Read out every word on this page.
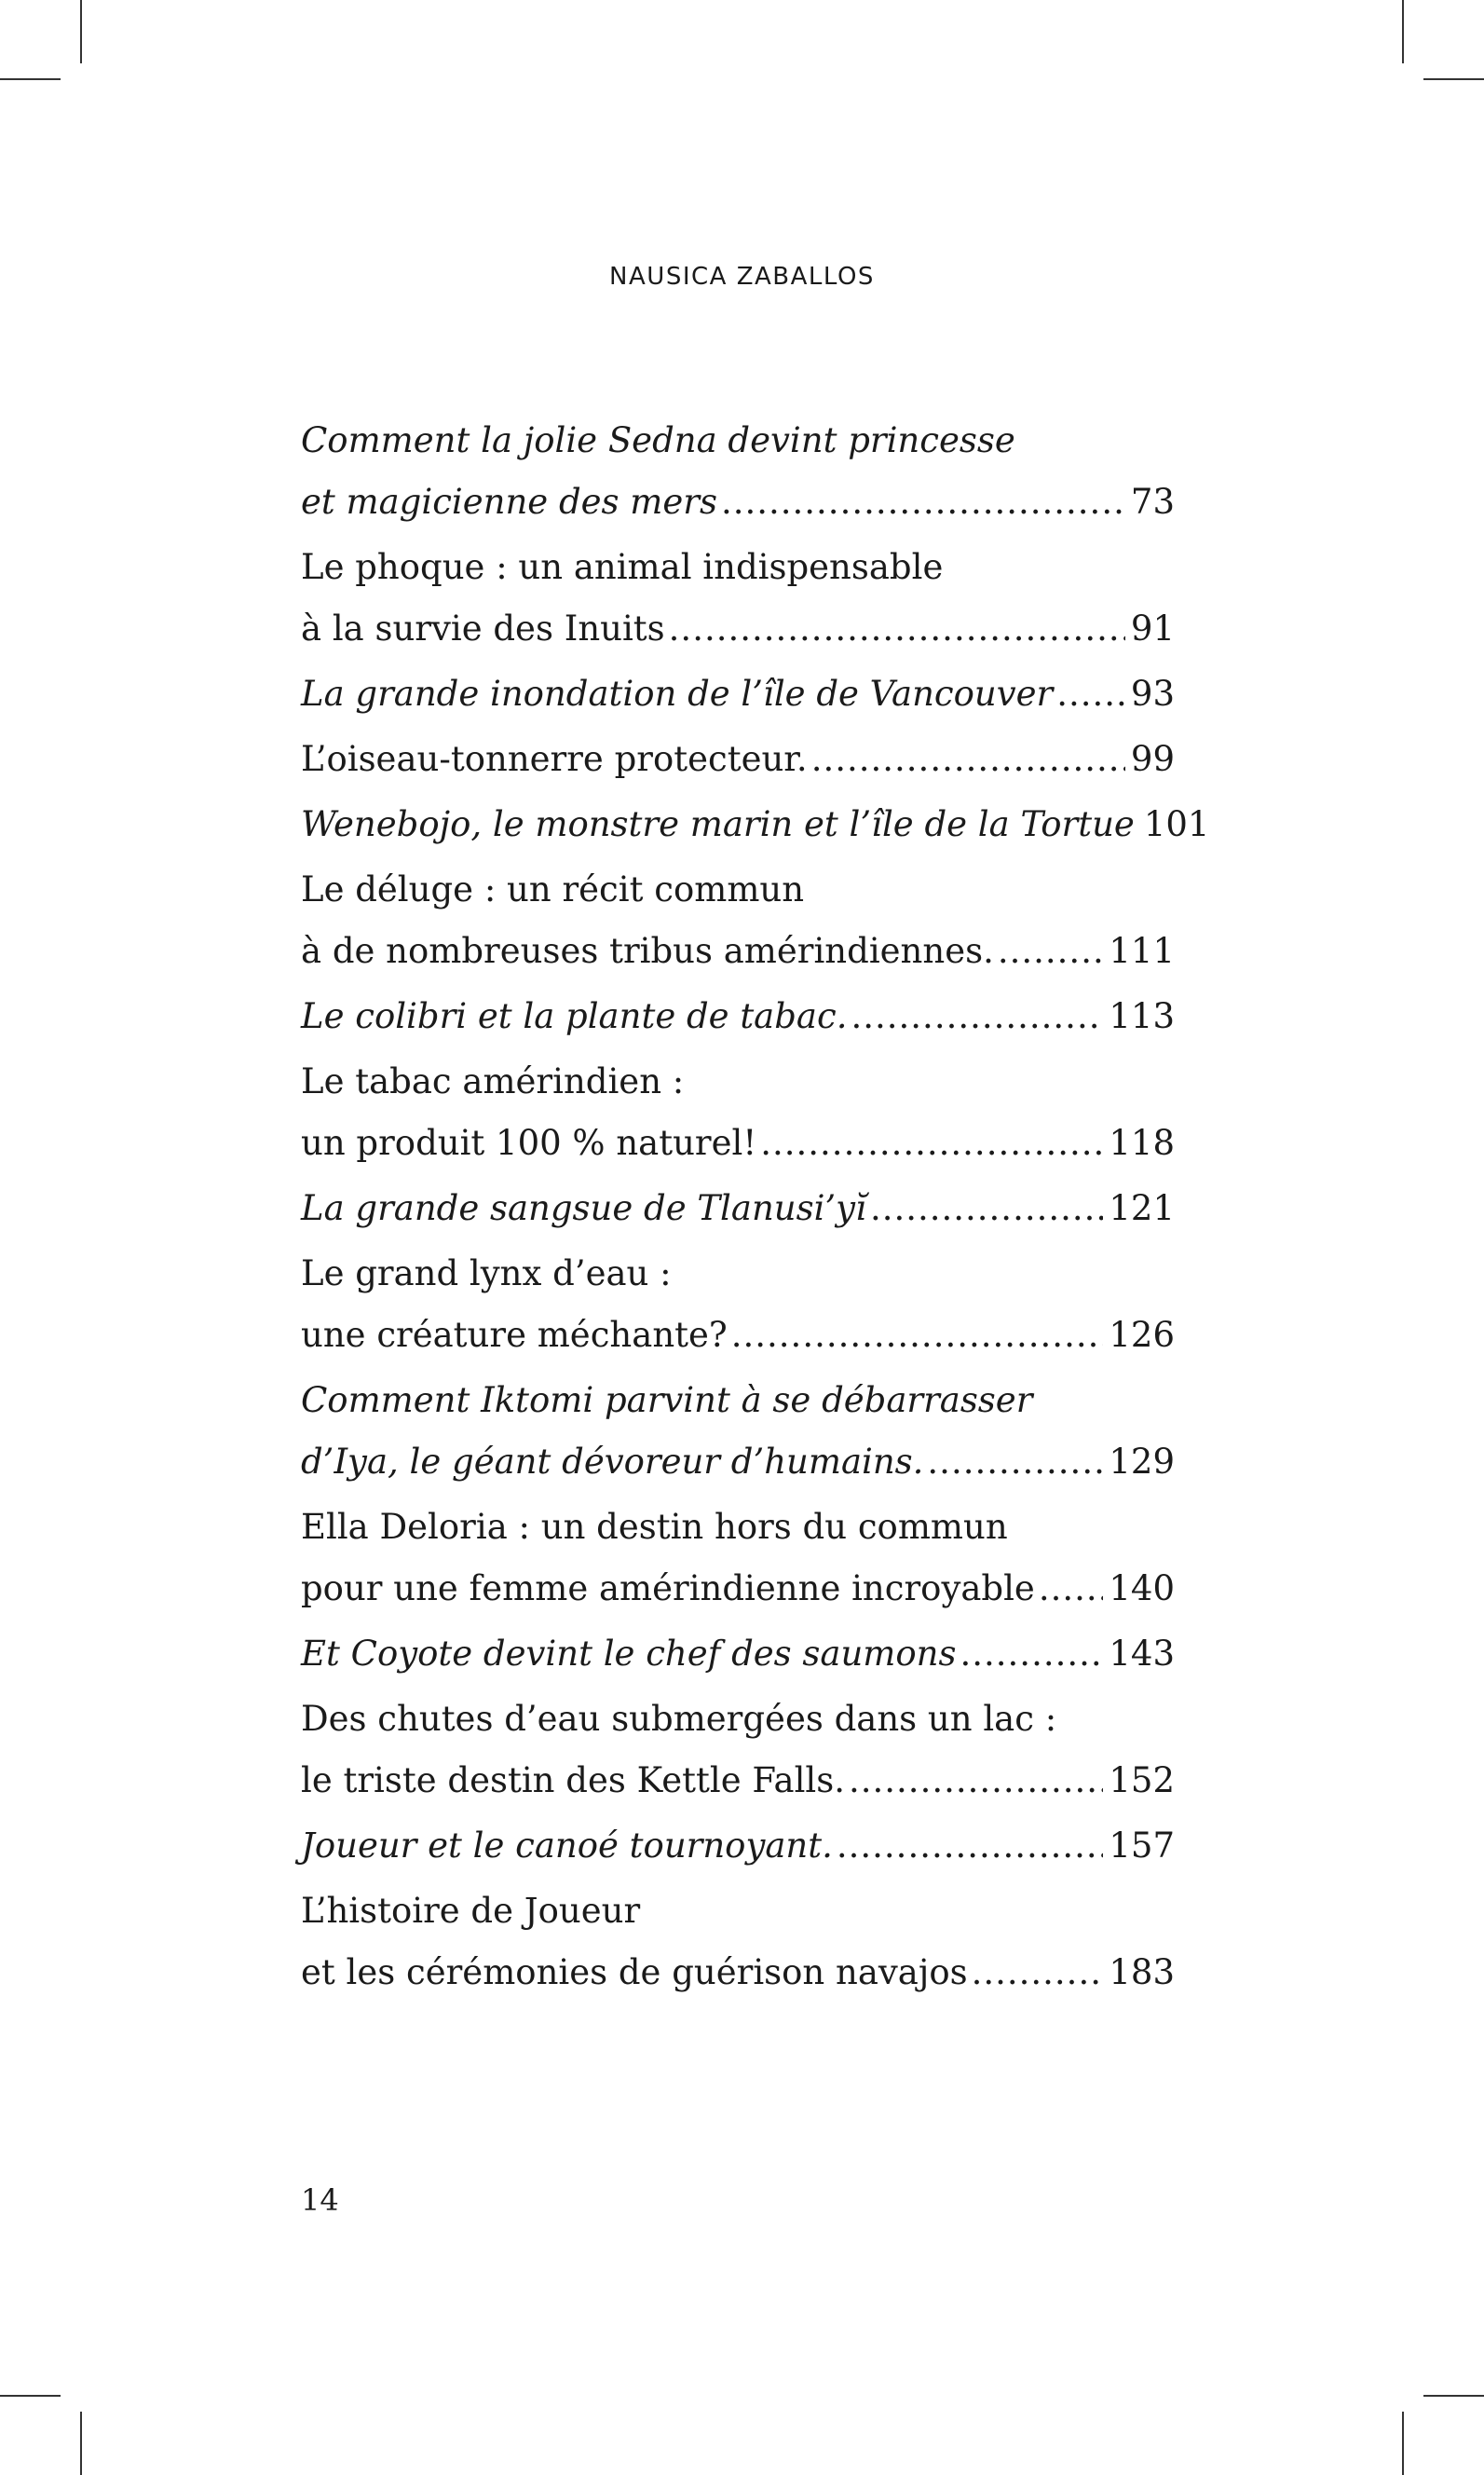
NAUSICA ZABALLOS
Comment la jolie Sedna devint princesse
et magicienne des mers .....	73
Le phoque : un animal indispensable
à la survie des Inuits .....	91
La grande inondation de l’île de Vancouver ..... 93
L’oiseau-tonnerre protecteur. .....	99
Wenebojo, le monstre marin et l’île de la Tortue 101
Le déluge : un récit commun
à de nombreuses tribus amérindiennes. .....	111
Le colibri et la plante de tabac. .....	113
Le tabac amérindien :
un produit 100 % naturel! .....	118
La grande sangsue de Tlanusi’yĭ .....	121
Le grand lynx d’eau :
une créature méchante? .....	126
Comment Iktomi parvint à se débarrasser
d’Iya, le géant dévoreur d’humains. .....	129
Ella Deloria : un destin hors du commun
pour une femme amérindienne incroyable ..... 140
Et Coyote devint le chef des saumons .....	143
Des chutes d’eau submergées dans un lac :
le triste destin des Kettle Falls. .....	152
Joueur et le canoé tournoyant. .....	157
L’histoire de Joueur
et les cérémonies de guérison navajos .....	183
14
